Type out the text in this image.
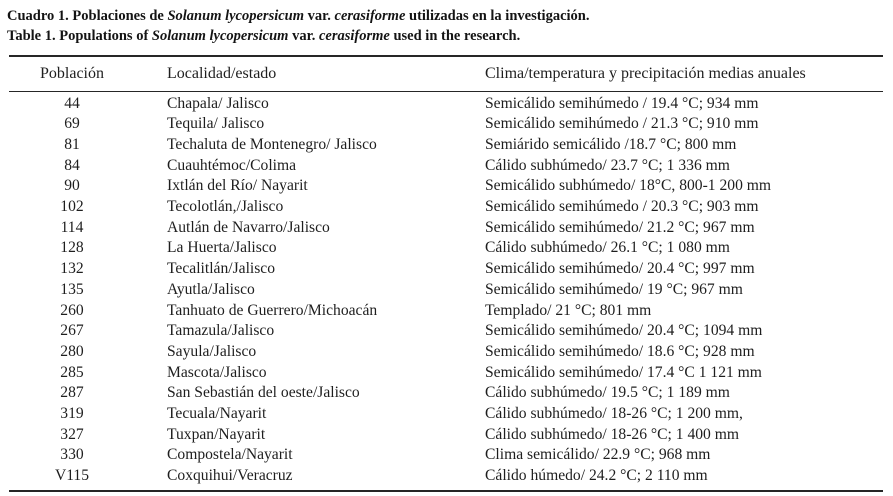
Cuadro 1. Poblaciones de Solanum lycopersicum var. cerasiforme utilizadas en la investigación.

Table 1. Populations of Solanum lycopersicum var. cerasiforme used in the research.

Población	Localidad/estado	Clima/temperatura y precipitación medias anuales
44	Chapala/ Jalisco	Semicálido semihúmedo / 19.4 °C; 934 mm
69	Tequila/ Jalisco	Semicálido semihúmedo / 21.3 °C; 910 mm
81	Techaluta de Montenegro/ Jalisco	Semiárido semicálido /18.7 °C; 800 mm
84	Cuauhtémoc/Colima	Cálido subhúmedo/ 23.7 °C; 1 336 mm
90	Ixtlán del Río/ Nayarit	Semicálido subhúmedo/ 18°C, 800-1 200 mm
102	Tecolotlán,/Jalisco	Semicálido semihúmedo / 20.3 °C; 903 mm
114	Autlán de Navarro/Jalisco	Semicálido semihúmedo/ 21.2 °C; 967 mm
128	La Huerta/Jalisco	Cálido subhúmedo/ 26.1 °C; 1 080 mm
132	Tecalitlán/Jalisco	Semicálido semihúmedo/ 20.4 °C; 997 mm
135	Ayutla/Jalisco	Semicálido semihúmedo/ 19 °C; 967 mm
260	Tanhuato de Guerrero/Michoacán	Templado/ 21 °C; 801 mm
267	Tamazula/Jalisco	Semicálido semihúmedo/ 20.4 °C; 1094 mm
280	Sayula/Jalisco	Semicálido semihúmedo/ 18.6 °C; 928 mm
285	Mascota/Jalisco	Semicálido semihúmedo/ 17.4 °C 1 121 mm
287	San Sebastián del oeste/Jalisco	Cálido subhúmedo/ 19.5 °C; 1 189 mm
319	Tecuala/Nayarit	Cálido subhúmedo/ 18-26 °C; 1 200 mm,
327	Tuxpan/Nayarit	Cálido subhúmedo/ 18-26 °C; 1 400 mm
330	Compostela/Nayarit	Clima semicálido/ 22.9 °C; 968 mm
V115	Coxquihui/Veracruz	Cálido húmedo/ 24.2 °C; 2 110 mm
